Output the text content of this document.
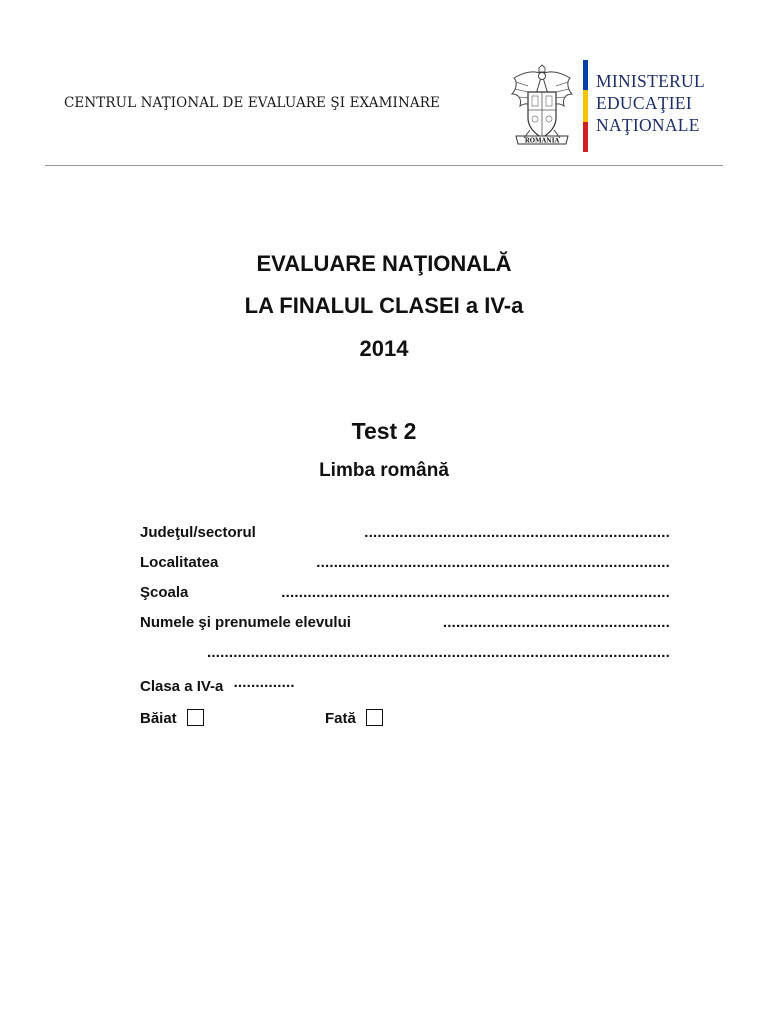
CENTRUL NAŢIONAL DE EVALUARE ŞI EXAMINARE
ROMANIA
MINISTERUL
EDUCAŢIEI
NAŢIONALE
EVALUARE NAŢIONALĂ
LA FINALUL CLASEI a IV-a
2014
Test 2
Limba română
Judeţul/sectorul	......................................................................
Localitatea	.................................................................................
Şcoala	.........................................................................................
Numele şi prenumele elevului	....................................................
..........................................................................................................
Clasa a IV-a ..............
Băiat	Fată
